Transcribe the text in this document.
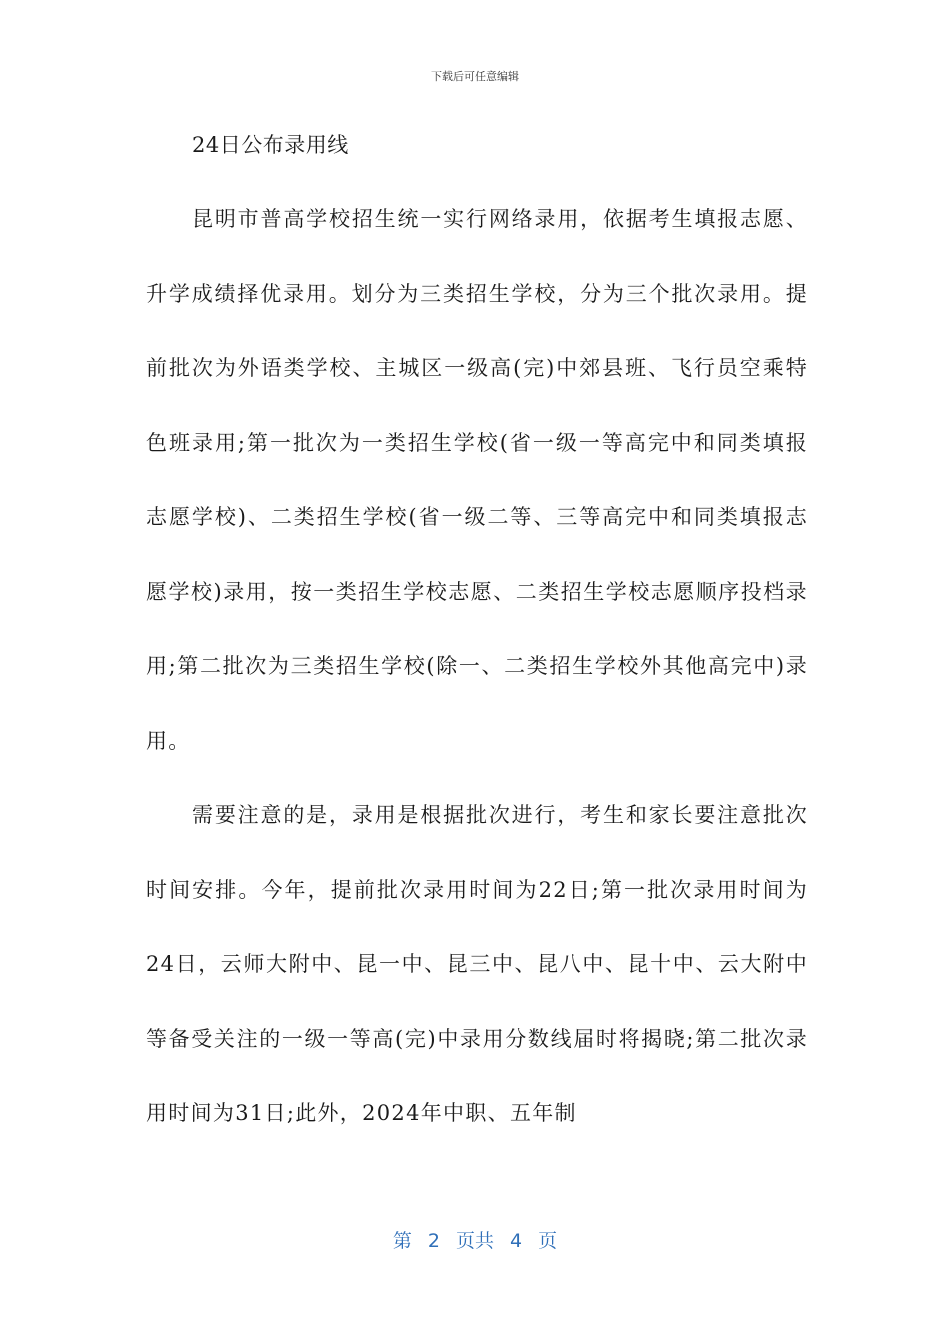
下载后可任意编辑
24日公布录用线

昆明市普高学校招生统一实行网络录用，依据考生填报志愿、升学成绩择优录用。划分为三类招生学校，分为三个批次录用。提前批次为外语类学校、主城区一级高(完)中郊县班、飞行员空乘特色班录用;第一批次为一类招生学校(省一级一等高完中和同类填报志愿学校)、二类招生学校(省一级二等、三等高完中和同类填报志愿学校)录用，按一类招生学校志愿、二类招生学校志愿顺序投档录用;第二批次为三类招生学校(除一、二类招生学校外其他高完中)录用。

需要注意的是，录用是根据批次进行，考生和家长要注意批次时间安排。今年，提前批次录用时间为22日;第一批次录用时间为24日，云师大附中、昆一中、昆三中、昆八中、昆十中、云大附中等备受关注的一级一等高(完)中录用分数线届时将揭晓;第二批次录用时间为31日;此外，2024年中职、五年制

第 2 页共 4 页
